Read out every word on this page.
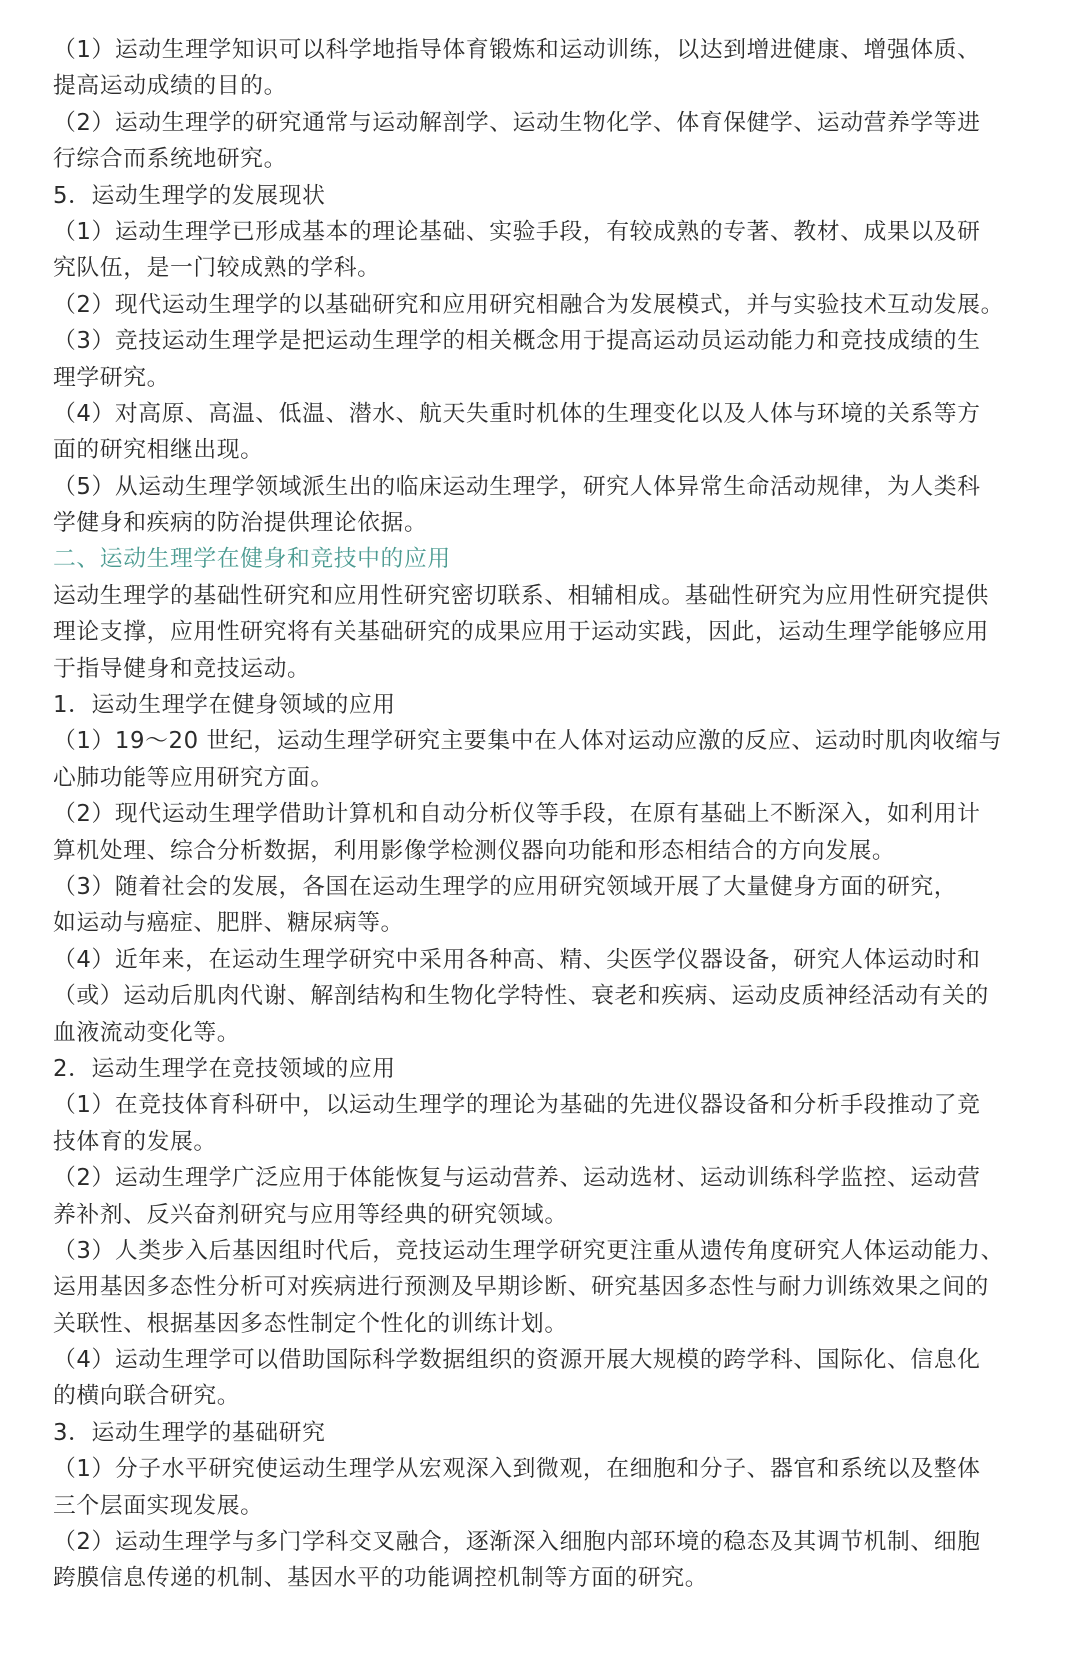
（1）运动生理学知识可以科学地指导体育锻炼和运动训练，以达到增进健康、增强体质、
提高运动成绩的目的。
（2）运动生理学的研究通常与运动解剖学、运动生物化学、体育保健学、运动营养学等进
行综合而系统地研究。
5．运动生理学的发展现状
（1）运动生理学已形成基本的理论基础、实验手段，有较成熟的专著、教材、成果以及研
究队伍，是一门较成熟的学科。
（2）现代运动生理学的以基础研究和应用研究相融合为发展模式，并与实验技术互动发展。
（3）竞技运动生理学是把运动生理学的相关概念用于提高运动员运动能力和竞技成绩的生
理学研究。
（4）对高原、高温、低温、潜水、航天失重时机体的生理变化以及人体与环境的关系等方
面的研究相继出现。
（5）从运动生理学领域派生出的临床运动生理学，研究人体异常生命活动规律，为人类科
学健身和疾病的防治提供理论依据。
二、运动生理学在健身和竞技中的应用
运动生理学的基础性研究和应用性研究密切联系、相辅相成。基础性研究为应用性研究提供
理论支撑，应用性研究将有关基础研究的成果应用于运动实践，因此，运动生理学能够应用
于指导健身和竞技运动。
1．运动生理学在健身领域的应用
（1）19～20 世纪，运动生理学研究主要集中在人体对运动应激的反应、运动时肌肉收缩与
心肺功能等应用研究方面。
（2）现代运动生理学借助计算机和自动分析仪等手段，在原有基础上不断深入，如利用计
算机处理、综合分析数据，利用影像学检测仪器向功能和形态相结合的方向发展。
（3）随着社会的发展，各国在运动生理学的应用研究领域开展了大量健身方面的研究，
如运动与癌症、肥胖、糖尿病等。
（4）近年来，在运动生理学研究中采用各种高、精、尖医学仪器设备，研究人体运动时和
（或）运动后肌肉代谢、解剖结构和生物化学特性、衰老和疾病、运动皮质神经活动有关的
血液流动变化等。
2．运动生理学在竞技领域的应用
（1）在竞技体育科研中，以运动生理学的理论为基础的先进仪器设备和分析手段推动了竞
技体育的发展。
（2）运动生理学广泛应用于体能恢复与运动营养、运动选材、运动训练科学监控、运动营
养补剂、反兴奋剂研究与应用等经典的研究领域。
（3）人类步入后基因组时代后，竞技运动生理学研究更注重从遗传角度研究人体运动能力、
运用基因多态性分析可对疾病进行预测及早期诊断、研究基因多态性与耐力训练效果之间的
关联性、根据基因多态性制定个性化的训练计划。
（4）运动生理学可以借助国际科学数据组织的资源开展大规模的跨学科、国际化、信息化
的横向联合研究。
3．运动生理学的基础研究
（1）分子水平研究使运动生理学从宏观深入到微观，在细胞和分子、器官和系统以及整体
三个层面实现发展。
（2）运动生理学与多门学科交叉融合，逐渐深入细胞内部环境的稳态及其调节机制、细胞
跨膜信息传递的机制、基因水平的功能调控机制等方面的研究。
